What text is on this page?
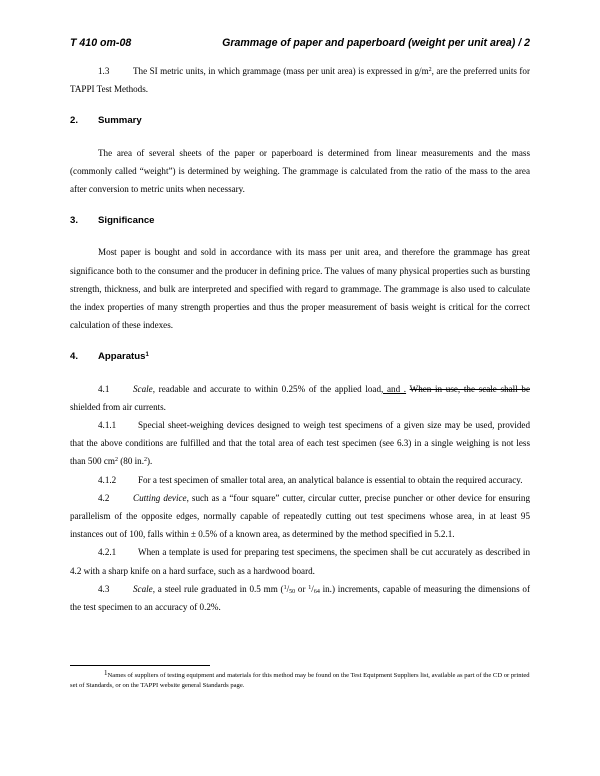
T 410 om-08	Grammage of paper and paperboard (weight per unit area) / 2

1.3	The SI metric units, in which grammage (mass per unit area) is expressed in $g/m^2$, are the preferred units for TAPPI Test Methods.

2. Summary

The area of several sheets of the paper or paperboard is determined from linear measurements and the mass (commonly called “weight”) is determined by weighing. The grammage is calculated from the ratio of the mass to the area after conversion to metric units when necessary.

3. Significance

Most paper is bought and sold in accordance with its mass per unit area, and therefore the grammage has great significance both to the consumer and the producer in defining price. The values of many physical properties such as bursting strength, thickness, and bulk are interpreted and specified with regard to grammage. The grammage is also used to calculate the index properties of many strength properties and thus the proper measurement of basis weight is critical for the correct calculation of these indexes.

4. Apparatus$^1$

4.1	Scale, readable and accurate to within 0.25% of the applied load, and . When in use, the scale shall be shielded from air currents.

4.1.1 Special sheet-weighing devices designed to weigh test specimens of a given size may be used, provided that the above conditions are fulfilled and that the total area of each test specimen (see 6.3) in a single weighing is not less than 500 $cm^2$ (80 in.$^2$).

4.1.2 For a test specimen of smaller total area, an analytical balance is essential to obtain the required accuracy.

4.2	Cutting device, such as a “four square” cutter, circular cutter, precise puncher or other device for ensuring parallelism of the opposite edges, normally capable of repeatedly cutting out test specimens whose area, in at least 95 instances out of 100, falls within ± 0.5% of a known area, as determined by the method specified in 5.2.1.

4.2.1 When a template is used for preparing test specimens, the specimen shall be cut accurately as described in 4.2 with a sharp knife on a hard surface, such as a hardwood board.

4.3	Scale, a steel rule graduated in 0.5 mm ($^1/_{50}$ or $^1/_{64}$ in.) increments, capable of measuring the dimensions of the test specimen to an accuracy of 0.2%.

1Names of suppliers of testing equipment and materials for this method may be found on the Test Equipment Suppliers list, available as part of the CD or printed set of Standards, or on the TAPPI website general Standards page.
